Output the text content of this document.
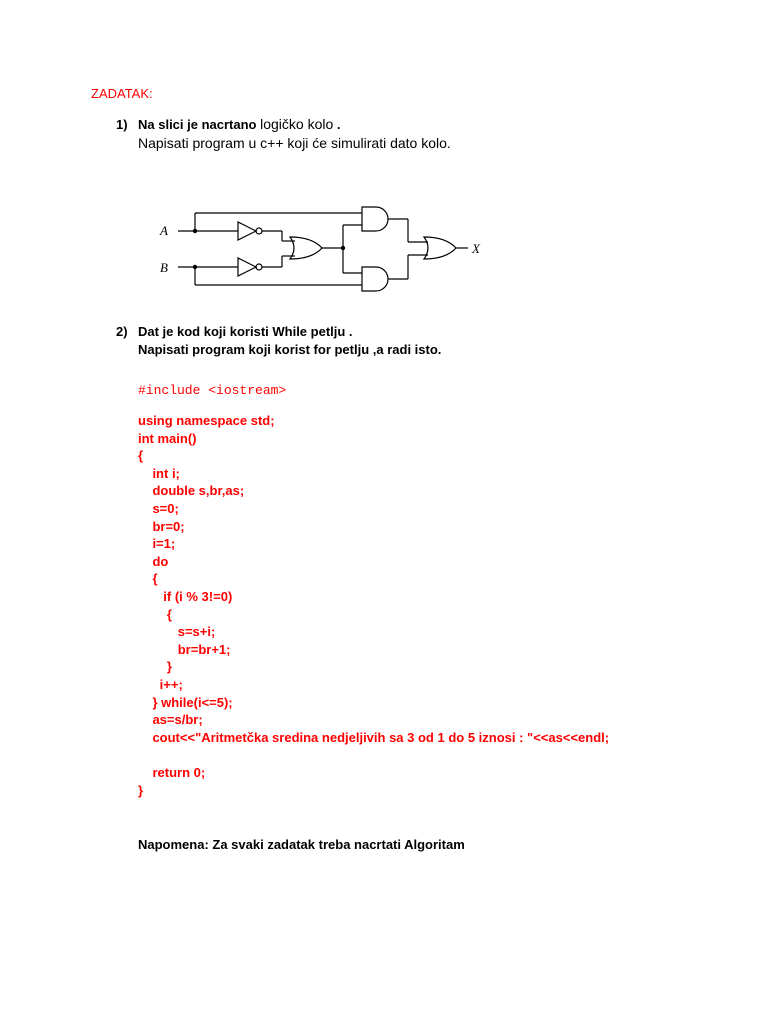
ZADATAK:
1) Na slici je nacrtano logičko kolo .
Napisati program u c++ koji će simulirati dato kolo.
A
B
X
2) Dat je kod koji koristi While petlju .
Napisati program koji korist for petlju ,a radi isto.
#include <iostream>
using namespace std;
int main()
{
int i;
double s,br,as;
s=0;
br=0;
i=1;
do
{
if (i % 3!=0)
{
s=s+i;
br=br+1;
}
i++;
} while(i<=5);
as=s/br;
cout<<"Aritmetčka sredina nedjeljivih sa 3 od 1 do 5 iznosi : "<<as<<endl;
return 0;
}
Napomena: Za svaki zadatak treba nacrtati Algoritam
